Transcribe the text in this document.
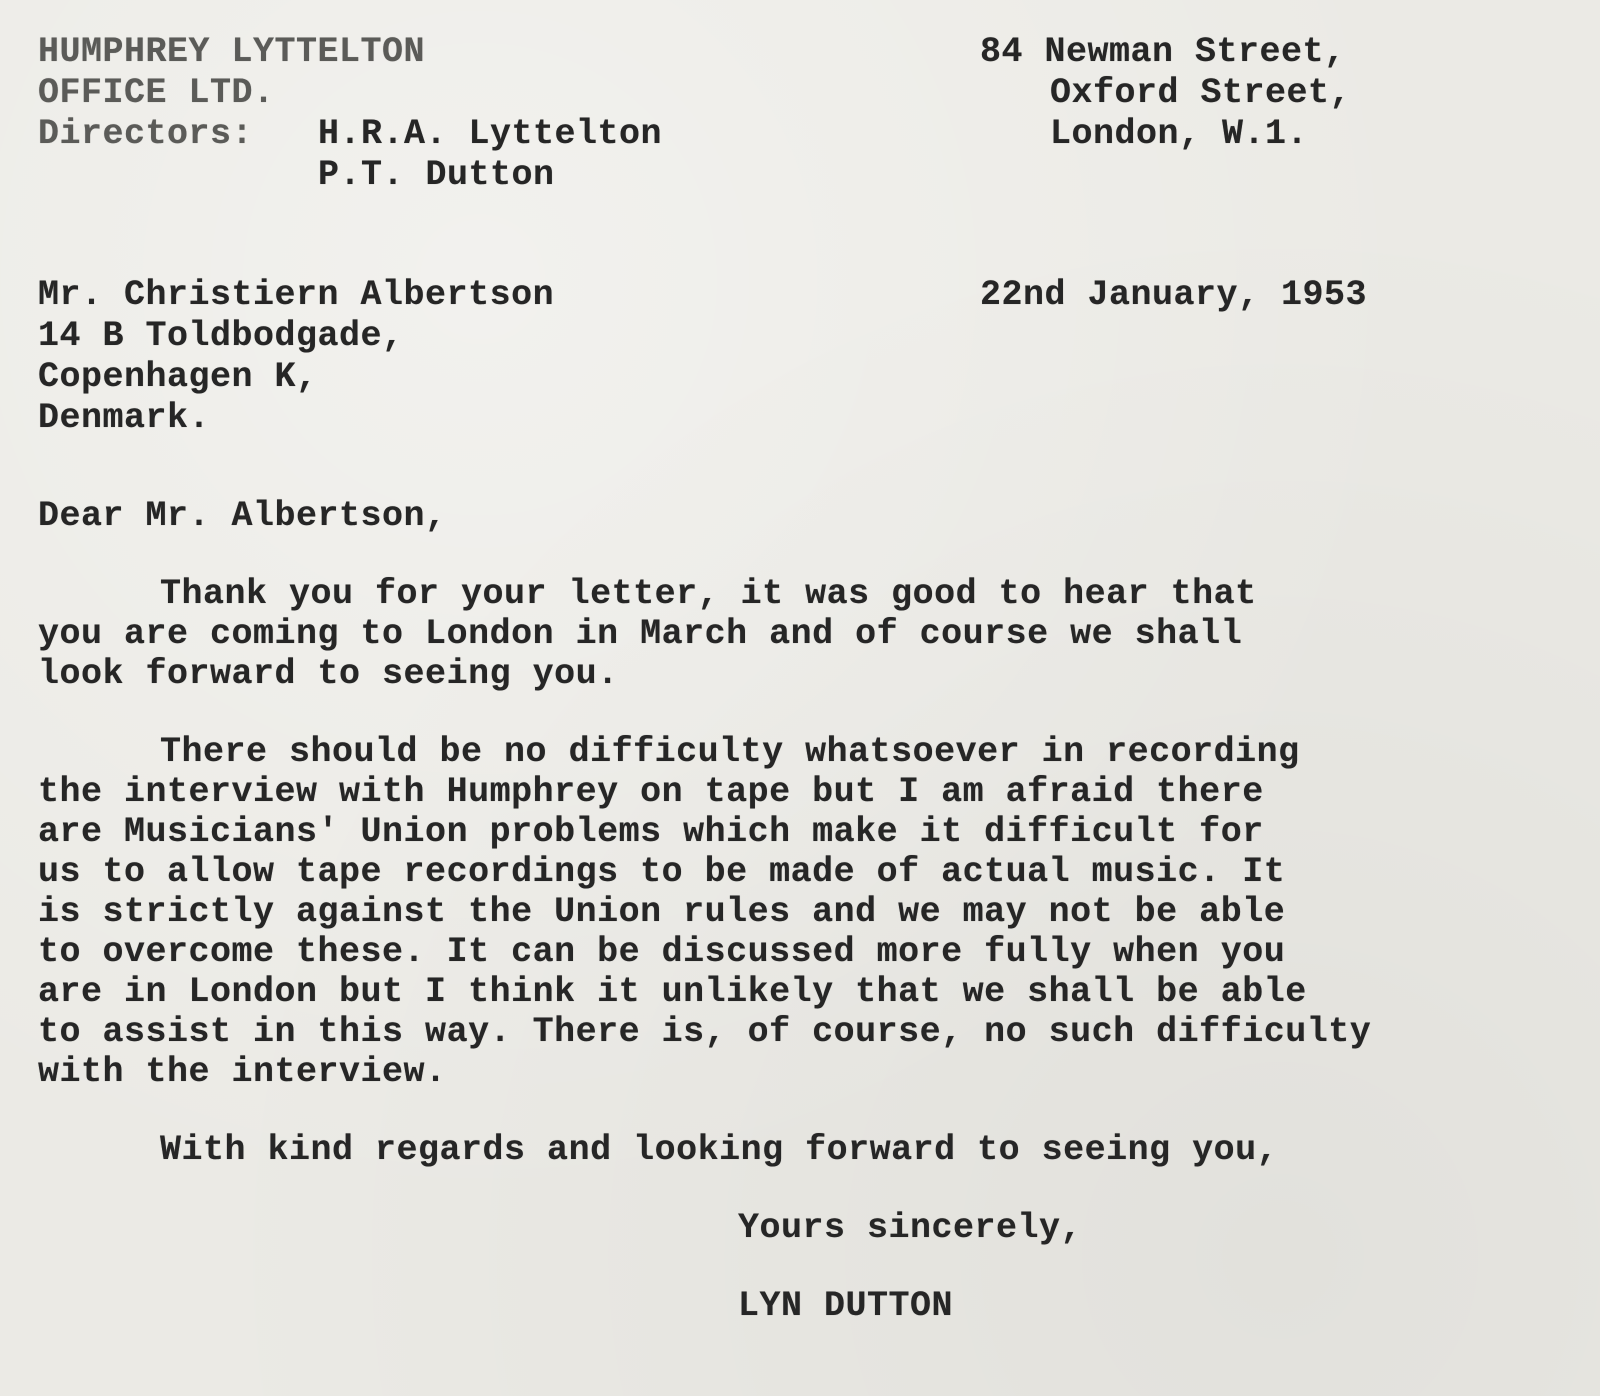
HUMPHREY LYTTELTON
OFFICE LTD.
Directors: H.R.A. Lyttelton
P.T. Dutton
84 Newman Street,
Oxford Street,
London, W.1.
Mr. Christiern Albertson
14 B Toldbodgade,
Copenhagen K,
Denmark.
22nd January, 1953
Dear Mr. Albertson,
Thank you for your letter, it was good to hear that
you are coming to London in March and of course we shall
look forward to seeing you.
There should be no difficulty whatsoever in recording
the interview with Humphrey on tape but I am afraid there
are Musicians' Union problems which make it difficult for
us to allow tape recordings to be made of actual music. It
is strictly against the Union rules and we may not be able
to overcome these. It can be discussed more fully when you
are in London but I think it unlikely that we shall be able
to assist in this way. There is, of course, no such difficulty
with the interview.
With kind regards and looking forward to seeing you,
Yours sincerely,
LYN DUTTON
